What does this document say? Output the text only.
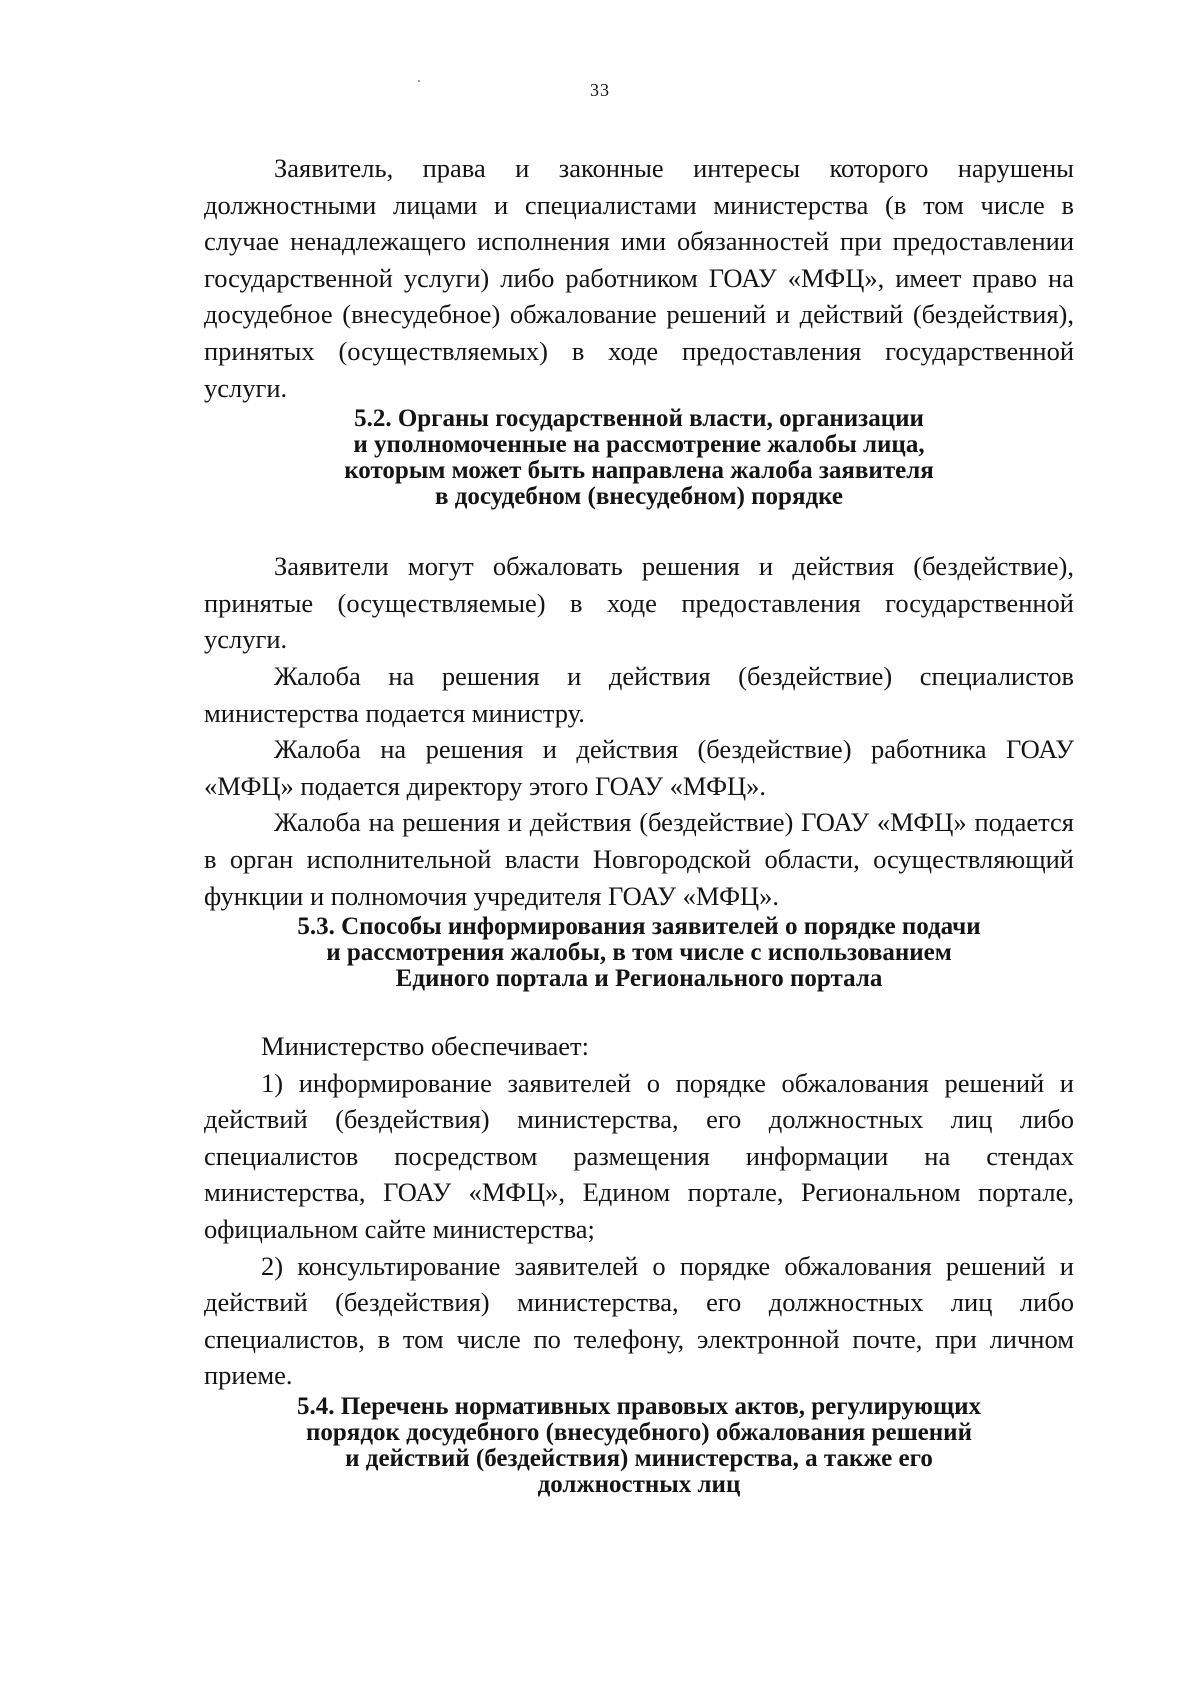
33

Заявитель, права и законные интересы которого нарушены должностными лицами и специалистами министерства (в том числе в случае ненадлежащего исполнения ими обязанностей при предоставлении государственной услуги) либо работником ГОАУ «МФЦ», имеет право на досудебное (внесудебное) обжалование решений и действий (бездействия), принятых (осуществляемых) в ходе предоставления государственной услуги.

5.2. Органы государственной власти, организации
и уполномоченные на рассмотрение жалобы лица,
которым может быть направлена жалоба заявителя
в досудебном (внесудебном) порядке

Заявители могут обжаловать решения и действия (бездействие), принятые (осуществляемые) в ходе предоставления государственной услуги.

Жалоба на решения и действия (бездействие) специалистов министерства подается министру.

Жалоба на решения и действия (бездействие) работника ГОАУ «МФЦ» подается директору этого ГОАУ «МФЦ».

Жалоба на решения и действия (бездействие) ГОАУ «МФЦ» подается в орган исполнительной власти Новгородской области, осуществляющий функции и полномочия учредителя ГОАУ «МФЦ».

5.3. Способы информирования заявителей о порядке подачи
и рассмотрения жалобы, в том числе с использованием
Единого портала и Регионального портала

Министерство обеспечивает:

1) информирование заявителей о порядке обжалования решений и действий (бездействия) министерства, его должностных лиц либо специалистов посредством размещения информации на стендах министерства, ГОАУ «МФЦ», Едином портале, Региональном портале, официальном сайте министерства;

2) консультирование заявителей о порядке обжалования решений и действий (бездействия) министерства, его должностных лиц либо специалистов, в том числе по телефону, электронной почте, при личном приеме.

5.4. Перечень нормативных правовых актов, регулирующих
порядок досудебного (внесудебного) обжалования решений
и действий (бездействия) министерства, а также его
должностных лиц
